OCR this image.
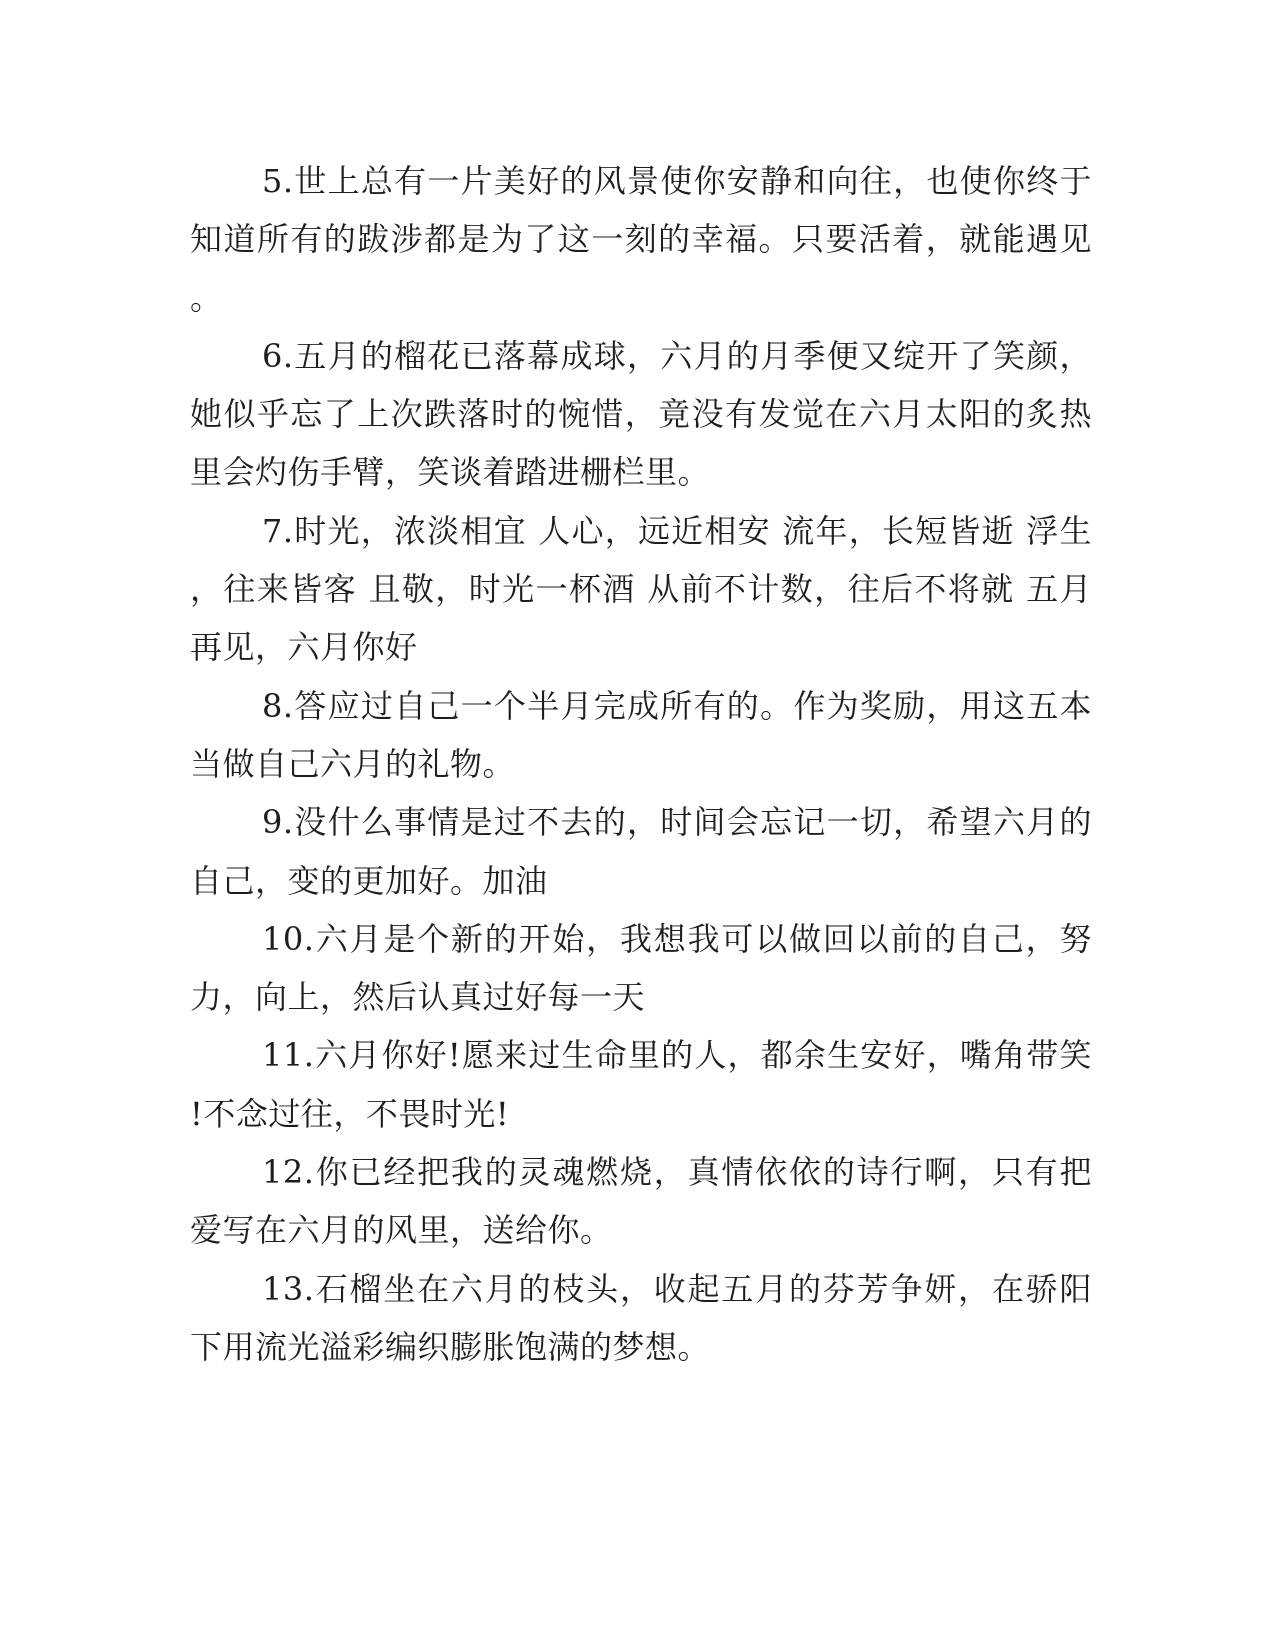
5.世上总有一片美好的风景使你安静和向往，也使你终于
知道所有的跋涉都是为了这一刻的幸福。只要活着，就能遇见
。
6.五月的榴花已落幕成球，六月的月季便又绽开了笑颜，
她似乎忘了上次跌落时的惋惜，竟没有发觉在六月太阳的炙热
里会灼伤手臂，笑谈着踏进栅栏里。
7.时光，浓淡相宜 人心，远近相安 流年，长短皆逝 浮生
，往来皆客 且敬，时光一杯酒 从前不计数，往后不将就 五月
再见，六月你好
8.答应过自己一个半月完成所有的。作为奖励，用这五本
当做自己六月的礼物。
9.没什么事情是过不去的，时间会忘记一切，希望六月的
自己，变的更加好。加油
10.六月是个新的开始，我想我可以做回以前的自己，努
力，向上，然后认真过好每一天
11.六月你好!愿来过生命里的人，都余生安好，嘴角带笑
!不念过往，不畏时光!
12.你已经把我的灵魂燃烧，真情依依的诗行啊，只有把
爱写在六月的风里，送给你。
13.石榴坐在六月的枝头，收起五月的芬芳争妍，在骄阳
下用流光溢彩编织膨胀饱满的梦想。
